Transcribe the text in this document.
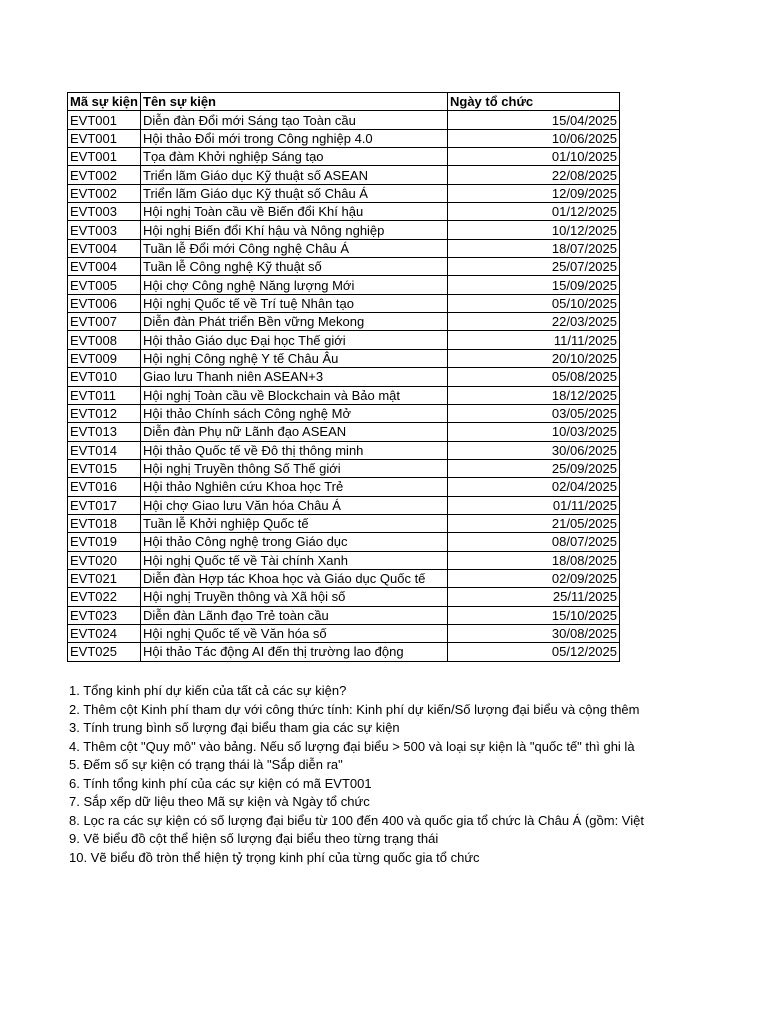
Mã sự kiện	Tên sự kiện	Ngày tổ chức
EVT001	Diễn đàn Đổi mới Sáng tạo Toàn cầu	15/04/2025
EVT001	Hội thảo Đổi mới trong Công nghiệp 4.0	10/06/2025
EVT001	Tọa đàm Khởi nghiệp Sáng tạo	01/10/2025
EVT002	Triển lãm Giáo dục Kỹ thuật số ASEAN	22/08/2025
EVT002	Triển lãm Giáo dục Kỹ thuật số Châu Á	12/09/2025
EVT003	Hội nghị Toàn cầu về Biến đổi Khí hậu	01/12/2025
EVT003	Hội nghị Biến đổi Khí hậu và Nông nghiệp	10/12/2025
EVT004	Tuần lễ Đổi mới Công nghệ Châu Á	18/07/2025
EVT004	Tuần lễ Công nghệ Kỹ thuật số	25/07/2025
EVT005	Hội chợ Công nghệ Năng lượng Mới	15/09/2025
EVT006	Hội nghị Quốc tế về Trí tuệ Nhân tạo	05/10/2025
EVT007	Diễn đàn Phát triển Bền vững Mekong	22/03/2025
EVT008	Hội thảo Giáo dục Đại học Thế giới	11/11/2025
EVT009	Hội nghị Công nghệ Y tế Châu Âu	20/10/2025
EVT010	Giao lưu Thanh niên ASEAN+3	05/08/2025
EVT011	Hội nghị Toàn cầu về Blockchain và Bảo mật	18/12/2025
EVT012	Hội thảo Chính sách Công nghệ Mở	03/05/2025
EVT013	Diễn đàn Phụ nữ Lãnh đạo ASEAN	10/03/2025
EVT014	Hội thảo Quốc tế về Đô thị thông minh	30/06/2025
EVT015	Hội nghị Truyền thông Số Thế giới	25/09/2025
EVT016	Hội thảo Nghiên cứu Khoa học Trẻ	02/04/2025
EVT017	Hội chợ Giao lưu Văn hóa Châu Á	01/11/2025
EVT018	Tuần lễ Khởi nghiệp Quốc tế	21/05/2025
EVT019	Hội thảo Công nghệ trong Giáo dục	08/07/2025
EVT020	Hội nghị Quốc tế về Tài chính Xanh	18/08/2025
EVT021	Diễn đàn Hợp tác Khoa học và Giáo dục Quốc tế	02/09/2025
EVT022	Hội nghị Truyền thông và Xã hội số	25/11/2025
EVT023	Diễn đàn Lãnh đạo Trẻ toàn cầu	15/10/2025
EVT024	Hội nghị Quốc tế về Văn hóa số	30/08/2025
EVT025	Hội thảo Tác động AI đến thị trường lao động	05/12/2025
1. Tổng kinh phí dự kiến của tất cả các sự kiện?
2. Thêm cột Kinh phí tham dự với công thức tính: Kinh phí dự kiến/Số lượng đại biểu và cộng thêm
3. Tính trung bình số lượng đại biểu tham gia các sự kiện
4. Thêm cột "Quy mô" vào bảng. Nếu số lượng đại biểu > 500 và loại sự kiện là "quốc tế" thì ghi là
5. Đếm số sự kiện có trạng thái là "Sắp diễn ra"
6. Tính tổng kinh phí của các sự kiện có mã EVT001
7. Sắp xếp dữ liệu theo Mã sự kiện và Ngày tổ chức
8. Lọc ra các sự kiện có số lượng đại biểu từ 100 đến 400 và quốc gia tổ chức là Châu Á (gồm: Việt
9. Vẽ biểu đồ cột thể hiện số lượng đại biểu theo từng trạng thái
10. Vẽ biểu đồ tròn thể hiện tỷ trọng kinh phí của từng quốc gia tổ chức
